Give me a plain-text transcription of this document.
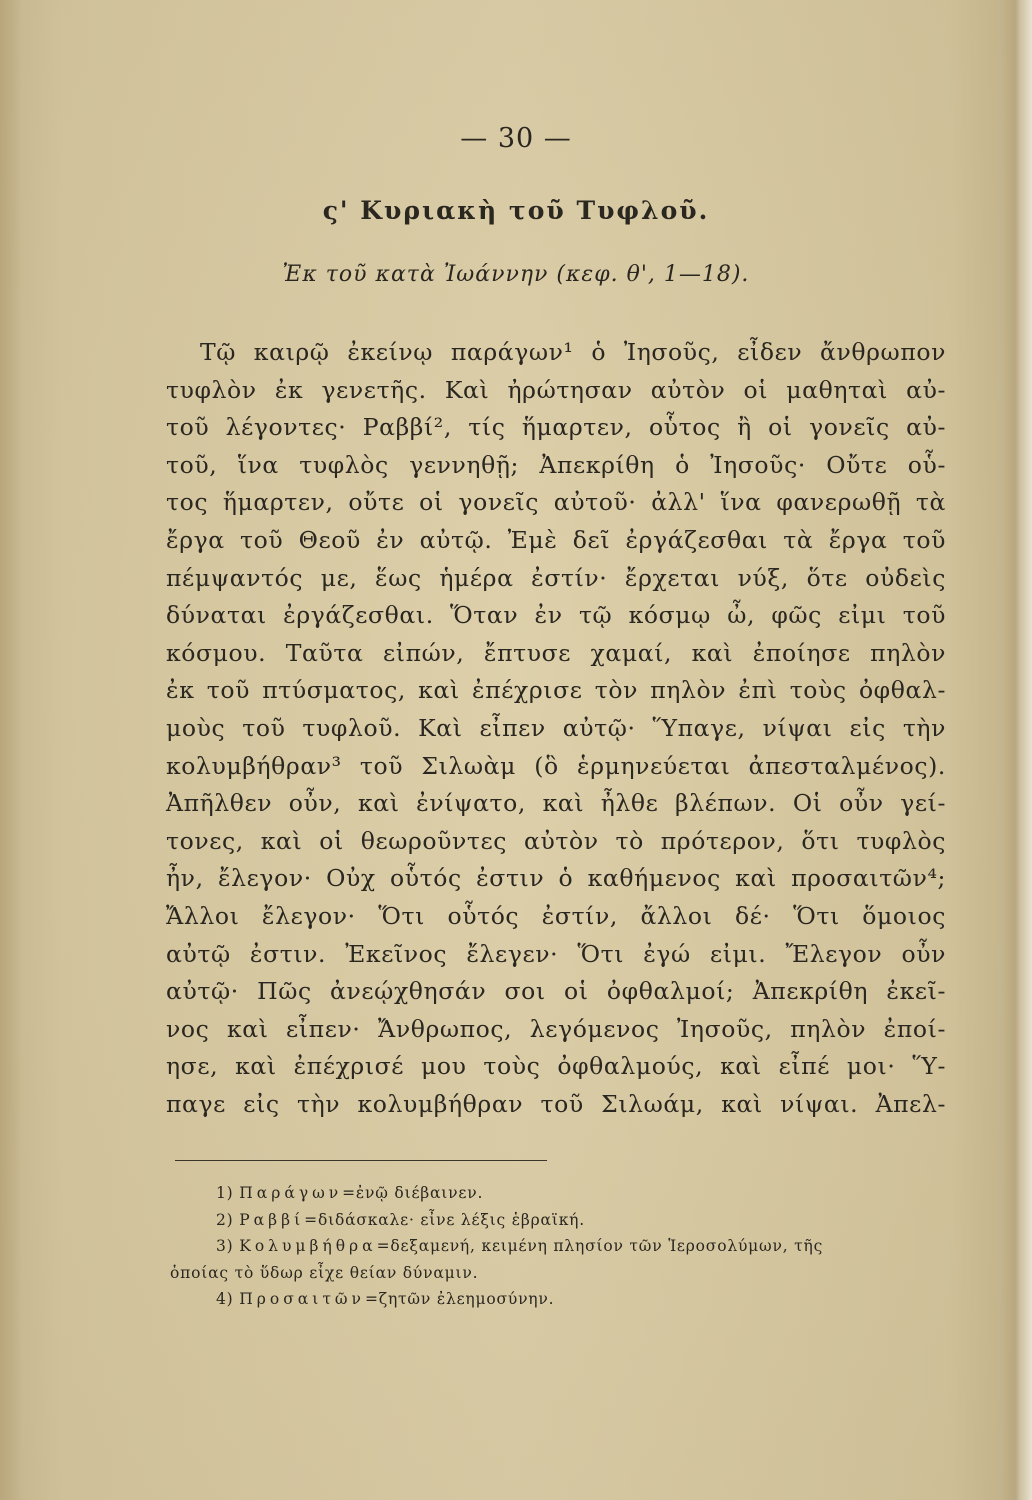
— 30 —
ς' Κυριακὴ τοῦ Τυφλοῦ.
Ἐκ τοῦ κατὰ Ἰωάννην (κεφ. θ', 1—18).
Τῷ καιρῷ ἐκείνῳ παράγων¹ ὁ Ἰησοῦς, εἶδεν ἄνθρωπον
τυφλὸν ἐκ γενετῆς. Καὶ ἠρώτησαν αὐτὸν οἱ μαθηταὶ αὐ-
τοῦ λέγοντες· Ραββί², τίς ἥμαρτεν, οὗτος ἢ οἱ γονεῖς αὐ-
τοῦ, ἵνα τυφλὸς γεννηθῇ; Ἀπεκρίθη ὁ Ἰησοῦς· Οὔτε οὗ-
τος ἥμαρτεν, οὔτε οἱ γονεῖς αὐτοῦ· ἀλλ' ἵνα φανερωθῇ τὰ
ἔργα τοῦ Θεοῦ ἐν αὐτῷ. Ἐμὲ δεῖ ἐργάζεσθαι τὰ ἔργα τοῦ
πέμψαντός με, ἕως ἡμέρα ἐστίν· ἔρχεται νύξ, ὅτε οὐδεὶς
δύναται ἐργάζεσθαι. Ὅταν ἐν τῷ κόσμῳ ὦ, φῶς εἰμι τοῦ
κόσμου. Ταῦτα εἰπών, ἔπτυσε χαμαί, καὶ ἐποίησε πηλὸν
ἐκ τοῦ πτύσματος, καὶ ἐπέχρισε τὸν πηλὸν ἐπὶ τοὺς ὀφθαλ-
μοὺς τοῦ τυφλοῦ. Καὶ εἶπεν αὐτῷ· Ὕπαγε, νίψαι εἰς τὴν
κολυμβήθραν³ τοῦ Σιλωὰμ (ὃ ἑρμηνεύεται ἀπεσταλμένος).
Ἀπῆλθεν οὖν, καὶ ἐνίψατο, καὶ ἦλθε βλέπων. Οἱ οὖν γεί-
τονες, καὶ οἱ θεωροῦντες αὐτὸν τὸ πρότερον, ὅτι τυφλὸς
ἦν, ἔλεγον· Οὐχ οὗτός ἐστιν ὁ καθήμενος καὶ προσαιτῶν⁴;
Ἄλλοι ἔλεγον· Ὅτι οὗτός ἐστίν, ἄλλοι δέ· Ὅτι ὅμοιος
αὐτῷ ἐστιν. Ἐκεῖνος ἔλεγεν· Ὅτι ἐγώ εἰμι. Ἔλεγον οὖν
αὐτῷ· Πῶς ἀνεῴχθησάν σοι οἱ ὀφθαλμοί; Ἀπεκρίθη ἐκεῖ-
νος καὶ εἶπεν· Ἄνθρωπος, λεγόμενος Ἰησοῦς, πηλὸν ἐποί-
ησε, καὶ ἐπέχρισέ μου τοὺς ὀφθαλμούς, καὶ εἶπέ μοι· Ὕ-
παγε εἰς τὴν κολυμβήθραν τοῦ Σιλωάμ, καὶ νίψαι. Ἀπελ-
1) Παράγων=ἐνῷ διέβαινεν.
2) Ραββί=διδάσκαλε· εἶνε λέξις ἑβραϊκή.
3) Κολυμβήθρα=δεξαμενή, κειμένη πλησίον τῶν Ἱεροσολύμων, τῆς
ὁποίας τὸ ὕδωρ εἶχε θείαν δύναμιν.
4) Προσαιτῶν=ζητῶν ἐλεημοσύνην.
